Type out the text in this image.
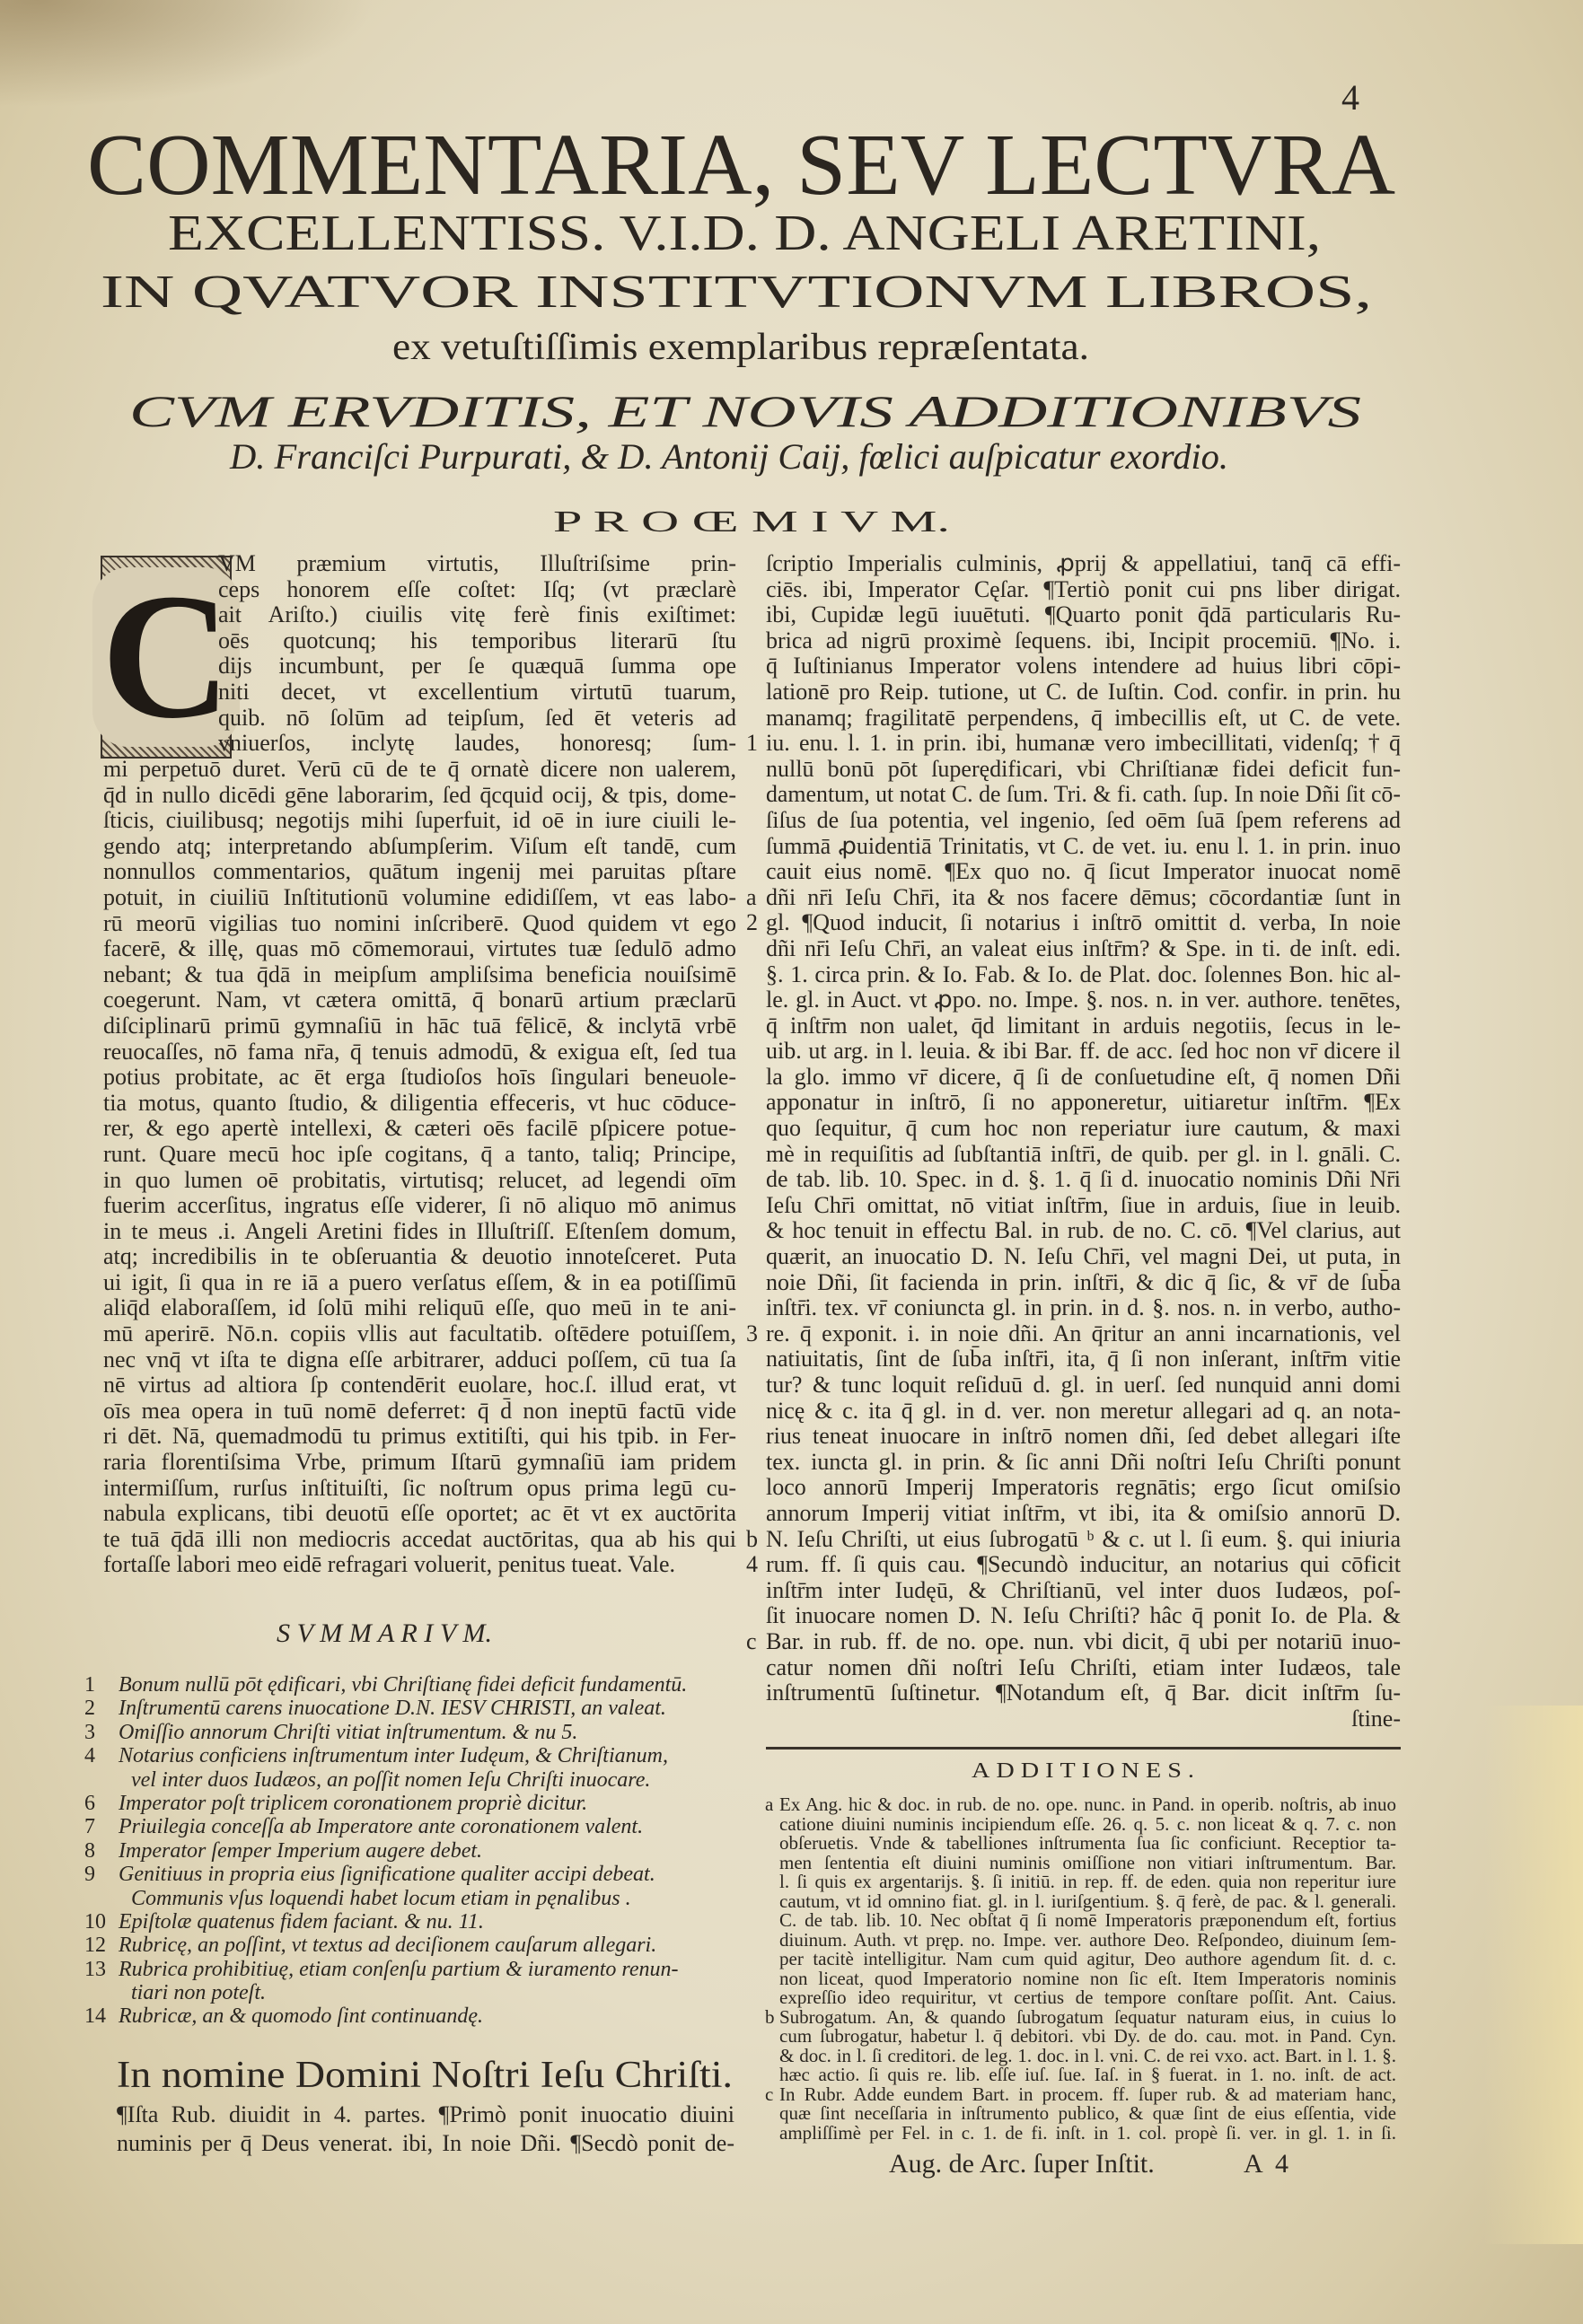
4
COMMENTARIA, SEV LECTVRA
EXCELLENTISS. V.I.D. D. ANGELI ARETINI,
IN QVATVOR INSTITVTIONVM LIBROS,
ex vetuſtiſſimis exemplaribus repræſentata.
CVM ERVDITIS, ET NOVIS ADDITIONIBVS
D. Franciſci Purpurati, & D. Antonij Caij, fœlici auſpicatur exordio.
P R O Œ M I V M.
C
VM præmium virtutis, Illuſtriſsime prin-
ceps honorem eſſe coſtet: Iſq; (vt præclarè
ait Ariſto.) ciuilis vitę ferè finis exiſtimet:
oēs quotcunq; his temporibus literarū ſtu
dijs incumbunt, per ſe quæquā ſumma ope
niti decet, vt excellentium virtutū tuarum,
quib. nō ſolūm ad teipſum, ſed ēt veteris ad
vniuerſos, inclytę laudes, honoresq; ſum-
mi perpetuō duret. Verū cū de te q̄ ornatè dicere non ualerem,
q̄d in nullo dicēdi gēne laborarim, ſed q̄cquid ocij, & tpis, dome-
ſticis, ciuilibusq; negotijs mihi ſuperfuit, id oē in iure ciuili le-
gendo atq; interpretando abſumpſerim. Viſum eſt tandē, cum
nonnullos commentarios, quātum ingenij mei paruitas pſtare
potuit, in ciuiliū Inſtitutionū volumine edidiſſem, vt eas labo-
rū meorū vigilias tuo nomini inſcriberē. Quod quidem vt ego
facerē, & illę, quas mō cōmemoraui, virtutes tuæ ſedulō admo
nebant; & tua q̄dā in meipſum ampliſsima beneficia nouiſsimē
coegerunt. Nam, vt cætera omittā, q̄ bonarū artium præclarū
diſciplinarū primū gymnaſiū in hāc tuā fēlicē, & inclytā vrbē
reuocaſſes, nō fama nr̄a, q̄ tenuis admodū, & exigua eſt, ſed tua
potius probitate, ac ēt erga ſtudioſos hoīs ſingulari beneuole-
tia motus, quanto ſtudio, & diligentia effeceris, vt huc cōduce-
rer, & ego apertè intellexi, & cæteri oēs facilē pſpicere potue-
runt. Quare mecū hoc ipſe cogitans, q̄ a tanto, taliq; Principe,
in quo lumen oē probitatis, virtutisq; relucet, ad legendi oīm
fuerim accerſitus, ingratus eſſe viderer, ſi nō aliquo mō animus
in te meus .i. Angeli Aretini fides in Illuſtriſſ. Eſtenſem domum,
atq; incredibilis in te obſeruantia & deuotio innoteſceret. Puta
ui igit, ſi qua in re iā a puero verſatus eſſem, & in ea potiſſimū
aliq̄d elaboraſſem, id ſolū mihi reliquū eſſe, quo meū in te ani-
mū aperirē. Nō.n. copiis vllis aut facultatib. oſtēdere potuiſſem,
nec vnq̄ vt iſta te digna eſſe arbitrarer, adduci poſſem, cū tua ſa
nē virtus ad altiora ſp contendērit euolare, hoc.ſ. illud erat, vt
oīs mea opera in tuū nomē deferret: q̄ d̄ non ineptū factū vide
ri dēt. Nā, quemadmodū tu primus extitiſti, qui his tpib. in Fer-
raria florentiſsima Vrbe, primum Iſtarū gymnaſiū iam pridem
intermiſſum, rurſus inſtituiſti, ſic noſtrum opus prima legū cu-
nabula explicans, tibi deuotū eſſe oportet; ac ēt vt ex auctōrita
te tuā q̄dā illi non mediocris accedat auctōritas, qua ab his qui
fortaſſe labori meo eidē refragari voluerit, penitus tueat. Vale.
S V M M A R I V M.
1 Bonum nullū pōt ędificari, vbi Chriſtianę fidei deficit fundamentū.
2 Inſtrumentū carens inuocatione D.N. IESV CHRISTI, an valeat.
3 Omiſſio annorum Chriſti vitiat inſtrumentum. & nu 5.
4 Notarius conficiens inſtrumentum inter Iudęum, & Chriſtianum,
vel inter duos Iudæos, an poſſit nomen Ieſu Chriſti inuocare.
6 Imperator poſt triplicem coronationem propriè dicitur.
7 Priuilegia conceſſa ab Imperatore ante coronationem valent.
8 Imperator ſemper Imperium augere debet.
9 Genitiuus in propria eius ſignificatione qualiter accipi debeat.
Communis vſus loquendi habet locum etiam in pęnalibus .
10 Epiſtolæ quatenus fidem faciant. & nu. 11.
12 Rubricę, an poſſint, vt textus ad deciſionem cauſarum allegari.
13 Rubrica prohibitiuę, etiam conſenſu partium & iuramento renun-
tiari non poteſt.
14 Rubricæ, an & quomodo ſint continuandę.
In nomine Domini Noſtri Ieſu Chriſti.
¶Iſta Rub. diuidit in 4. partes. ¶Primò ponit inuocatio diuini
numinis per q̄ Deus venerat. ibi, In noie Dñi. ¶Secdò ponit de-
ſcriptio Imperialis culminis, ꝓprij & appellatiui, tanq̄ cā effi-
ciēs. ibi, Imperator Cęſar. ¶Tertiò ponit cui pns liber dirigat.
ibi, Cupidæ legū iuuētuti. ¶Quarto ponit q̄dā particularis Ru-
brica ad nigrū proximè ſequens. ibi, Incipit procemiū. ¶No. i.
q̄ Iuſtinianus Imperator volens intendere ad huius libri cōpi-
lationē pro Reip. tutione, ut C. de Iuſtin. Cod. confir. in prin. hu
manamq; fragilitatē perpendens, q̄ imbecillis eſt, ut C. de vete.
1 iu. enu. l. 1. in prin. ibi, humanæ vero imbecillitati, videnſq; † q̄
nullū bonū pōt ſuperędificari, vbi Chriſtianæ fidei deficit fun-
damentum, ut notat C. de ſum. Tri. & fi. cath. ſup. In noie Dñi ſit cō-
ſiſus de ſua potentia, vel ingenio, ſed oēm ſuā ſpem referens ad
ſummā ꝓuidentiā Trinitatis, vt C. de vet. iu. enu l. 1. in prin. inuo
cauit eius nomē. ¶Ex quo no. q̄ ſicut Imperator inuocat nomē
a dñi nr̄i Ieſu Chr̄i, ita & nos facere dēmus; cōcordantiæ ſunt in
2 gl. ¶Quod inducit, ſi notarius i inſtrō omittit d. verba, In noie
dñi nr̄i Ieſu Chr̄i, an valeat eius inſtr̄m? & Spe. in ti. de inſt. edi.
§. 1. circa prin. & Io. Fab. & Io. de Plat. doc. ſolennes Bon. hic al-
le. gl. in Auct. vt ꝓpo. no. Impe. §. nos. n. in ver. authore. tenētes,
q̄ inſtr̄m non ualet, q̄d limitant in arduis negotiis, ſecus in le-
uib. ut arg. in l. leuia. & ibi Bar. ff. de acc. ſed hoc non vr̄ dicere il
la glo. immo vr̄ dicere, q̄ ſi de conſuetudine eſt, q̄ nomen Dñi
apponatur in inſtrō, ſi no apponeretur, uitiaretur inſtr̄m. ¶Ex
quo ſequitur, q̄ cum hoc non reperiatur iure cautum, & maxi
mè in requiſitis ad ſubſtantiā inſtr̄i, de quib. per gl. in l. gnāli. C.
de tab. lib. 10. Spec. in d. §. 1. q̄ ſi d. inuocatio nominis Dñi Nr̄i
Ieſu Chr̄i omittat, nō vitiat inſtr̄m, ſiue in arduis, ſiue in leuib.
& hoc tenuit in effectu Bal. in rub. de no. C. cō. ¶Vel clarius, aut
quærit, an inuocatio D. N. Ieſu Chr̄i, vel magni Dei, ut puta, in
noie Dñi, ſit facienda in prin. inſtr̄i, & dic q̄ ſic, & vr̄ de ſub̄a
inſtr̄i. tex. vr̄ coniuncta gl. in prin. in d. §. nos. n. in verbo, autho-
3 re. q̄ exponit. i. in noie dñi. An q̄ritur an anni incarnationis, vel
natiuitatis, ſint de ſub̄a inſtr̄i, ita, q̄ ſi non inſerant, inſtr̄m vitie
tur? & tunc loquit reſiduū d. gl. in uerſ. ſed nunquid anni domi
nicę & c. ita q̄ gl. in d. ver. non meretur allegari ad q. an nota-
rius teneat inuocare in inſtrō nomen dñi, ſed debet allegari iſte
tex. iuncta gl. in prin. & ſic anni Dñi noſtri Ieſu Chriſti ponunt
loco annorū Imperij Imperatoris regnātis; ergo ſicut omiſsio
annorum Imperij vitiat inſtr̄m, vt ibi, ita & omiſsio annorū D.
b N. Ieſu Chriſti, ut eius ſubrogatū ᵇ & c. ut l. ſi eum. §. qui iniuria
4 rum. ff. ſi quis cau. ¶Secundò inducitur, an notarius qui cōficit
inſtr̄m inter Iudęū, & Chriſtianū, vel inter duos Iudæos, poſ-
ſit inuocare nomen D. N. Ieſu Chriſti? hâc q̄ ponit Io. de Pla. &
c Bar. in rub. ff. de no. ope. nun. vbi dicit, q̄ ubi per notariū inuo-
catur nomen dñi noſtri Ieſu Chriſti, etiam inter Iudæos, tale
inſtrumentū ſuſtinetur. ¶Notandum eſt, q̄ Bar. dicit inſtr̄m ſu-
ſtine-
ADDITIONES.
a Ex Ang. hic & doc. in rub. de no. ope. nunc. in Pand. in operib. noſtris, ab inuo
catione diuini numinis incipiendum eſſe. 26. q. 5. c. non liceat & q. 7. c. non
obſeruetis. Vnde & tabelliones inſtrumenta ſua ſic conficiunt. Receptior ta-
men ſententia eſt diuini numinis omiſſione non vitiari inſtrumentum. Bar.
l. ſi quis ex argentarijs. §. ſi initiū. in rep. ff. de eden. quia non reperitur iure
cautum, vt id omnino fiat. gl. in l. iuriſgentium. §. q̄ ferè, de pac. & l. generali.
C. de tab. lib. 10. Nec obſtat q̄ ſi nomē Imperatoris præponendum eſt, fortius
diuinum. Auth. vt pręp. no. Impe. ver. authore Deo. Reſpondeo, diuinum ſem-
per tacitè intelligitur. Nam cum quid agitur, Deo authore agendum ſit. d. c.
non liceat, quod Imperatorio nomine non ſic eſt. Item Imperatoris nominis
expreſſio ideo requiritur, vt certius de tempore conſtare poſſit. Ant. Caius.
b Subrogatum. An, & quando ſubrogatum ſequatur naturam eius, in cuius lo
cum ſubrogatur, habetur l. q̄ debitori. vbi Dy. de do. cau. mot. in Pand. Cyn.
& doc. in l. ſi creditori. de leg. 1. doc. in l. vni. C. de rei vxo. act. Bart. in l. 1. §.
hæc actio. ſi quis re. lib. eſſe iuſ. ſue. Iaſ. in § fuerat. in 1. no. inſt. de act.
c In Rubr. Adde eundem Bart. in procem. ff. ſuper rub. & ad materiam hanc,
quæ ſint neceſſaria in inſtrumento publico, & quæ ſint de eius eſſentia, vide
ampliſſimè per Fel. in c. 1. de fi. inſt. in 1. col. propè ſi. ver. in gl. 1. in ſi.
Aug. de Arc. ſuper Inſtit.	A  4
